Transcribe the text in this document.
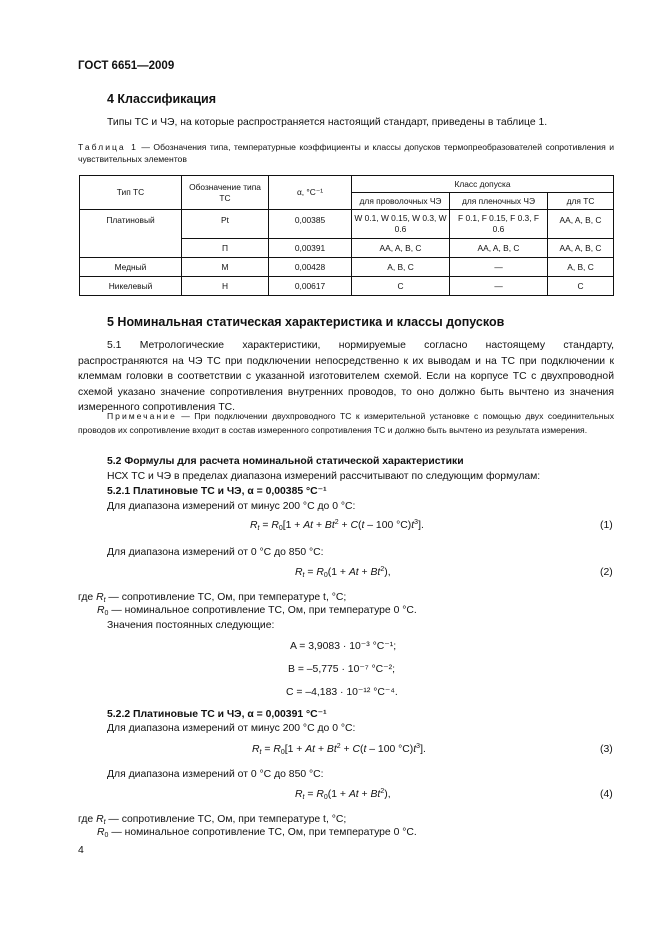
ГОСТ 6651—2009
4 Классификация
Типы ТС и ЧЭ, на которые распространяется настоящий стандарт, приведены в таблице 1.
Таблица 1 — Обозначения типа, температурные коэффициенты и классы допусков термопреобразователей сопротивления и чувствительных элементов
Тип ТС	Обозначение типа ТС	α, °C⁻¹	Класс допуска		
			для проволочных ЧЭ	для пленочных ЧЭ	для ТС
Платиновый	Pt	0,00385	W 0.1, W 0.15, W 0.3, W 0.6	F 0.1, F 0.15, F 0.3, F 0.6	AA, A, B, C
	П	0,00391	AA, A, B, C	AA, A, B, C	AA, A, B, C
Медный	М	0,00428	A, B, C	—	A, B, C
Никелевый	Н	0,00617	C	—	C
5 Номинальная статическая характеристика и классы допусков
5.1 Метрологические характеристики, нормируемые согласно настоящему стандарту, распространяются на ЧЭ ТС при подключении непосредственно к их выводам и на ТС при подключении к клеммам головки в соответствии с указанной изготовителем схемой. Если на корпусе ТС с двухпроводной схемой указано значение сопротивления внутренних проводов, то оно должно быть вычтено из значения измеренного сопротивления ТС.
Примечание — При подключении двухпроводного ТС к измерительной установке с помощью двух соединительных проводов их сопротивление входит в состав измеренного сопротивления ТС и должно быть вычтено из результата измерения.
5.2 Формулы для расчета номинальной статической характеристики
НСХ ТС и ЧЭ в пределах диапазона измерений рассчитывают по следующим формулам:
5.2.1 Платиновые ТС и ЧЭ, α = 0,00385 °C⁻¹
Для диапазона измерений от минус 200 °С до 0 °С:
$R_t = R_0[1 + At + Bt^2 + C(t - 100$ $^\circ C)t^3$].	(1)
Для диапазона измерений от 0 °С до 850 °С:
$R_t = R_0(1 + At + Bt^2)$,	(2)
где $R_t$ — сопротивление ТС, Ом, при температуре t, °С;
$R_0$ — номинальное сопротивление ТС, Ом, при температуре 0 °С.
Значения постоянных следующие:
A = 3,9083 · 10⁻³ °C⁻¹;
B = –5,775 · 10⁻⁷ °C⁻²;
C = –4,183 · 10⁻¹² °C⁻⁴.
5.2.2 Платиновые ТС и ЧЭ, α = 0,00391 °C⁻¹
Для диапазона измерений от минус 200 °С до 0 °С:
$R_t = R_0[1 + At + Bt^2 + C(t - 100$ $^\circ C)t^3$].	(3)
Для диапазона измерений от 0 °С до 850 °С:
$R_t = R_0(1 + At + Bt^2)$,	(4)
где $R_t$ — сопротивление ТС, Ом, при температуре t, °С;
$R_0$ — номинальное сопротивление ТС, Ом, при температуре 0 °С.
4
